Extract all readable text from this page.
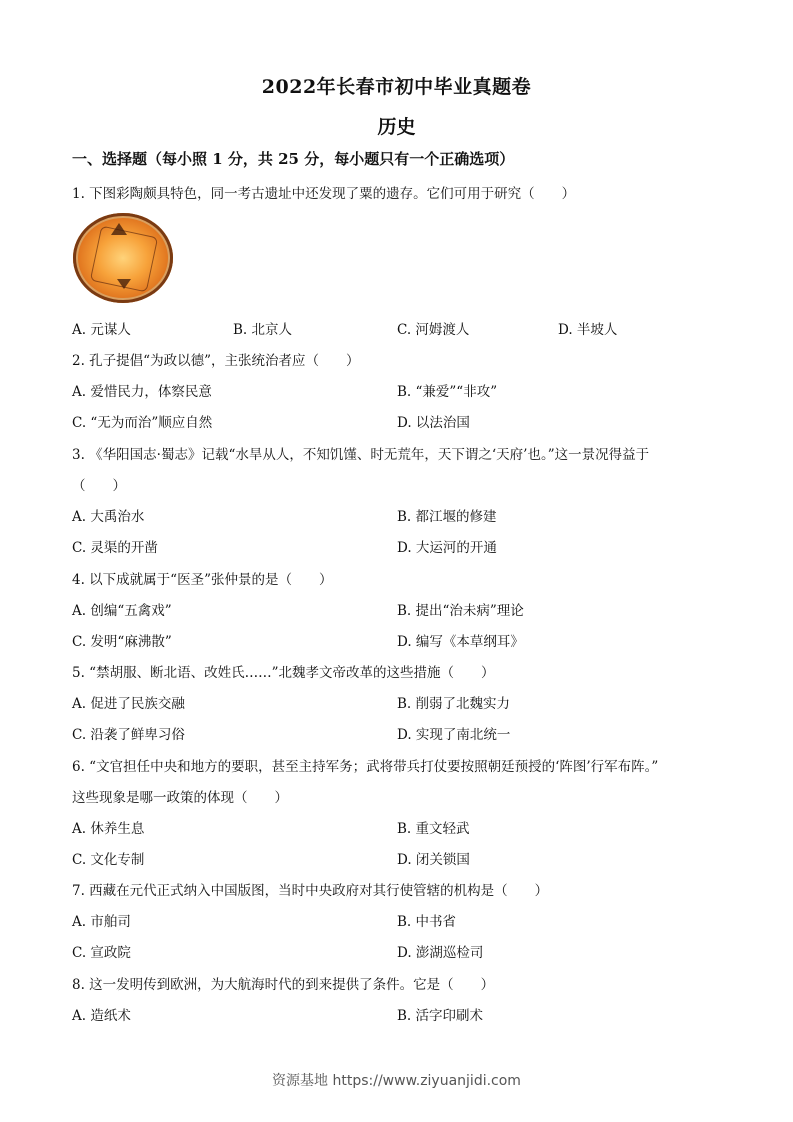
2022年长春市初中毕业真题卷
历史
一、选择题（每小照 1 分，共 25 分，每小题只有一个正确选项）
1. 下图彩陶颇具特色，同一考古遗址中还发现了粟的遗存。它们可用于研究（　　）
A. 元谋人	B. 北京人	C. 河姆渡人	D. 半坡人
2. 孔子提倡“为政以德”，主张统治者应（　　）
A. 爱惜民力，体察民意	B. “兼爱”“非攻”
C. “无为而治”顺应自然	D. 以法治国
3. 《华阳国志·蜀志》记载“水旱从人，不知饥馑、时无荒年，天下谓之‘天府’也。”这一景况得益于
（　　）
A. 大禹治水	B. 都江堰的修建
C. 灵渠的开凿	D. 大运河的开通
4. 以下成就属于“医圣”张仲景的是（　　）
A. 创编“五禽戏”	B. 提出“治未病”理论
C. 发明“麻沸散”	D. 编写《本草纲耳》
5. “禁胡服、断北语、改姓氏……”北魏孝文帝改革的这些措施（　　）
A. 促进了民族交融	B. 削弱了北魏实力
C. 沿袭了鲜卑习俗	D. 实现了南北统一
6. “文官担任中央和地方的要职，甚至主持军务；武将带兵打仗要按照朝廷预授的‘阵图’行军布阵。”
这些现象是哪一政策的体现（　　）
A. 休养生息	B. 重文轻武
C. 文化专制	D. 闭关锁国
7. 西藏在元代正式纳入中国版图，当时中央政府对其行使管辖的机构是（　　）
A. 市舶司	B. 中书省
C. 宣政院	D. 澎湖巡检司
8. 这一发明传到欧洲，为大航海时代的到来提供了条件。它是（　　）
A. 造纸术	B. 活字印刷术
资源基地 https://www.ziyuanjidi.com
